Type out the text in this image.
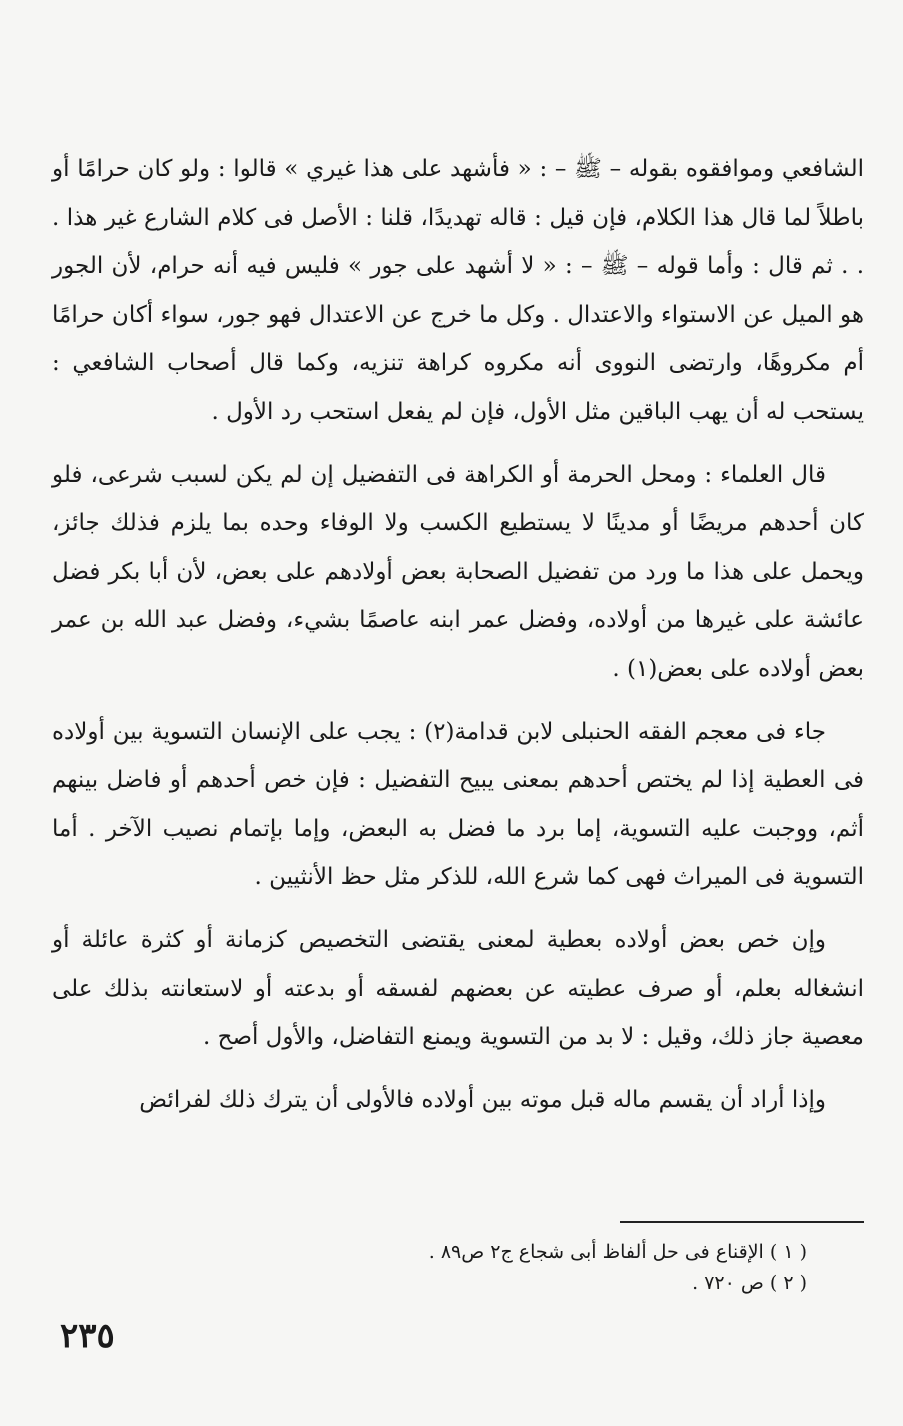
الشافعي وموافقوه بقوله – ﷺ – : « فأشهد على هذا غيري » قالوا : ولو كان حرامًا أو باطلاً لما قال هذا الكلام، فإن قيل : قاله تهديدًا، قلنا : الأصل فى كلام الشارع غير هذا . . . ثم قال : وأما قوله – ﷺ – : « لا أشهد على جور » فليس فيه أنه حرام، لأن الجور هو الميل عن الاستواء والاعتدال . وكل ما خرج عن الاعتدال فهو جور، سواء أكان حرامًا أم مكروهًا، وارتضى النووى أنه مكروه كراهة تنزيه، وكما قال أصحاب الشافعي : يستحب له أن يهب الباقين مثل الأول، فإن لم يفعل استحب رد الأول .

قال العلماء : ومحل الحرمة أو الكراهة فى التفضيل إن لم يكن لسبب شرعى، فلو كان أحدهم مريضًا أو مدينًا لا يستطيع الكسب ولا الوفاء وحده بما يلزم فذلك جائز، ويحمل على هذا ما ورد من تفضيل الصحابة بعض أولادهم على بعض، لأن أبا بكر فضل عائشة على غيرها من أولاده، وفضل عمر ابنه عاصمًا بشيء، وفضل عبد الله بن عمر بعض أولاده على بعض(١) .

جاء فى معجم الفقه الحنبلى لابن قدامة(٢) : يجب على الإنسان التسوية بين أولاده فى العطية إذا لم يختص أحدهم بمعنى يبيح التفضيل : فإن خص أحدهم أو فاضل بينهم أثم، ووجبت عليه التسوية، إما برد ما فضل به البعض، وإما بإتمام نصيب الآخر . أما التسوية فى الميراث فهى كما شرع الله، للذكر مثل حظ الأنثيين .

وإن خص بعض أولاده بعطية لمعنى يقتضى التخصيص كزمانة أو كثرة عائلة أو انشغاله بعلم، أو صرف عطيته عن بعضهم لفسقه أو بدعته أو لاستعانته بذلك على معصية جاز ذلك، وقيل : لا بد من التسوية ويمنع التفاضل، والأول أصح .

وإذا أراد أن يقسم ماله قبل موته بين أولاده فالأولى أن يترك ذلك لفرائض

( ١ ) الإقناع فى حل ألفاظ أبى شجاع ج٢ ص٨٩ .

( ٢ ) ص ٧٢٠ .

٢٣٥
